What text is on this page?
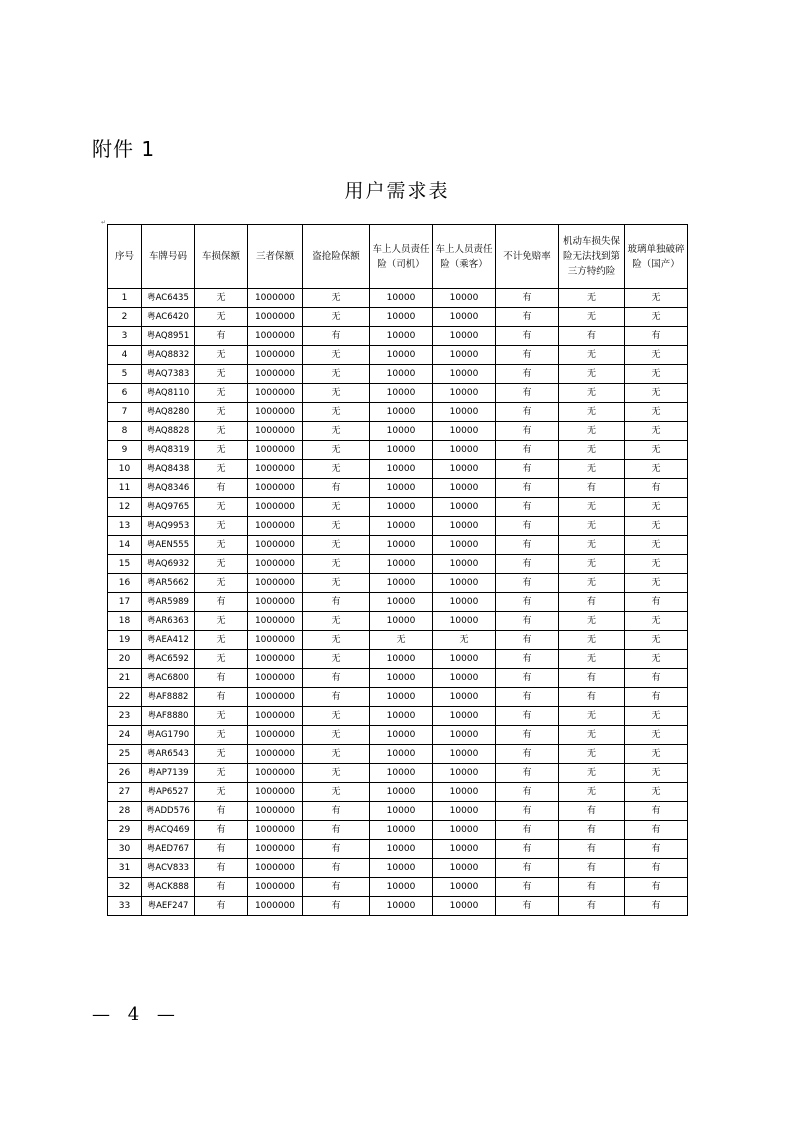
附件 1
用户需求表
↵
序号	车牌号码	车损保额	三者保额	盗抢险保额	车上人员责任险（司机）	车上人员责任险（乘客）	不计免赔率	机动车损失保险无法找到第三方特约险	玻璃单独破碎险（国产）
1	粤AC6435	无	1000000	无	10000	10000	有	无	无
2	粤AC6420	无	1000000	无	10000	10000	有	无	无
3	粤AQ8951	有	1000000	有	10000	10000	有	有	有
4	粤AQ8832	无	1000000	无	10000	10000	有	无	无
5	粤AQ7383	无	1000000	无	10000	10000	有	无	无
6	粤AQ8110	无	1000000	无	10000	10000	有	无	无
7	粤AQ8280	无	1000000	无	10000	10000	有	无	无
8	粤AQ8828	无	1000000	无	10000	10000	有	无	无
9	粤AQ8319	无	1000000	无	10000	10000	有	无	无
10	粤AQ8438	无	1000000	无	10000	10000	有	无	无
11	粤AQ8346	有	1000000	有	10000	10000	有	有	有
12	粤AQ9765	无	1000000	无	10000	10000	有	无	无
13	粤AQ9953	无	1000000	无	10000	10000	有	无	无
14	粤AEN555	无	1000000	无	10000	10000	有	无	无
15	粤AQ6932	无	1000000	无	10000	10000	有	无	无
16	粤AR5662	无	1000000	无	10000	10000	有	无	无
17	粤AR5989	有	1000000	有	10000	10000	有	有	有
18	粤AR6363	无	1000000	无	10000	10000	有	无	无
19	粤AEA412	无	1000000	无	无	无	有	无	无
20	粤AC6592	无	1000000	无	10000	10000	有	无	无
21	粤AC6800	有	1000000	有	10000	10000	有	有	有
22	粤AF8882	有	1000000	有	10000	10000	有	有	有
23	粤AF8880	无	1000000	无	10000	10000	有	无	无
24	粤AG1790	无	1000000	无	10000	10000	有	无	无
25	粤AR6543	无	1000000	无	10000	10000	有	无	无
26	粤AP7139	无	1000000	无	10000	10000	有	无	无
27	粤AP6527	无	1000000	无	10000	10000	有	无	无
28	粤ADD576	有	1000000	有	10000	10000	有	有	有
29	粤ACQ469	有	1000000	有	10000	10000	有	有	有
30	粤AED767	有	1000000	有	10000	10000	有	有	有
31	粤ACV833	有	1000000	有	10000	10000	有	有	有
32	粤ACK888	有	1000000	有	10000	10000	有	有	有
33	粤AEF247	有	1000000	有	10000	10000	有	有	有
— 4 —
